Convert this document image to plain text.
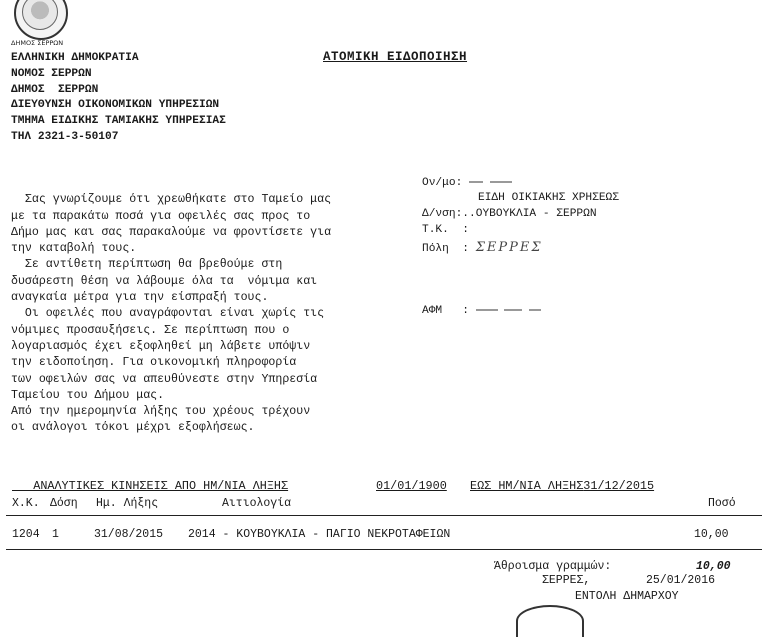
ΔΗΜΟΣ ΣΕΡΡΩΝ
ΕΛΛΗΝΙΚΗ ΔΗΜΟΚΡΑΤΙΑ
ΝΟΜΟΣ ΣΕΡΡΩΝ
ΔΗΜΟΣ  ΣΕΡΡΩΝ
ΔΙΕΥΘΥΝΣΗ ΟΙΚΟΝΟΜΙΚΩΝ ΥΠΗΡΕΣΙΩΝ
ΤΜΗΜΑ ΕΙΔΙΚΗΣ ΤΑΜΙΑΚΗΣ ΥΠΗΡΕΣΙΑΣ
ΤΗΛ 2321-3-50107
ΑΤΟΜΙΚΗ ΕΙΔΟΠΟΙΗΣΗ

Σας γνωρίζουμε ότι χρεωθήκατε στο Ταμείο μας
με τα παρακάτω ποσά για οφειλές σας προς το
Δήμο μας και σας παρακαλούμε να φροντίσετε για
την καταβολή τους.
Σε αντίθετη περίπτωση θα βρεθούμε στη
δυσάρεστη θέση να λάβουμε όλα τα  νόμιμα και
αναγκαία μέτρα για την είσπραξή τους.
Οι οφειλές που αναγράφονται είναι χωρίς τις
νόμιμες προσαυξήσεις. Σε περίπτωση που ο
λογαριασμός έχει εξοφληθεί μη λάβετε υπόψιν
την ειδοποίηση. Για οικονομική πληροφορία
των οφειλών σας να απευθύνεστε στην Υπηρεσία
Ταμείου του Δήμου μας.
Από την ημερομηνία λήξης του χρέους τρέχουν
οι ανάλογοι τόκοι μέχρι εξοφλήσεως.

Ον/μο:
ΕΙΔΗ ΟΙΚΙΑΚΗΣ ΧΡΗΣΕΩΣ
Δ/νση:..ΟΥΒΟΥΚΛΙΑ - ΣΕΡΡΩΝ
Τ.Κ.  :
Πόλη  : ΣΕΡΡΕΣ
ΑΦΜ   :
ΑΝΑΛΥΤΙΚΕΣ ΚΙΝΗΣΕΙΣ ΑΠΟ ΗΜ/ΝΙΑ ΛΗΞΗΣ	01/01/1900 ΕΩΣ ΗΜ/ΝΙΑ ΛΗΞΗΣ31/12/2015
Χ.Κ. Δόση Ημ. Λήξης	Αιτιολογία	Ποσό
1204 1	31/08/2015 2014 - ΚΟΥΒΟΥΚΛΙΑ - ΠΑΓΙΟ ΝΕΚΡΟΤΑΦΕΙΩΝ	10,00
Άθροισμα γραμμών:	10,00
ΣΕΡΡΕΣ,	25/01/2016
ΕΝΤΟΛΗ ΔΗΜΑΡΧΟΥ
